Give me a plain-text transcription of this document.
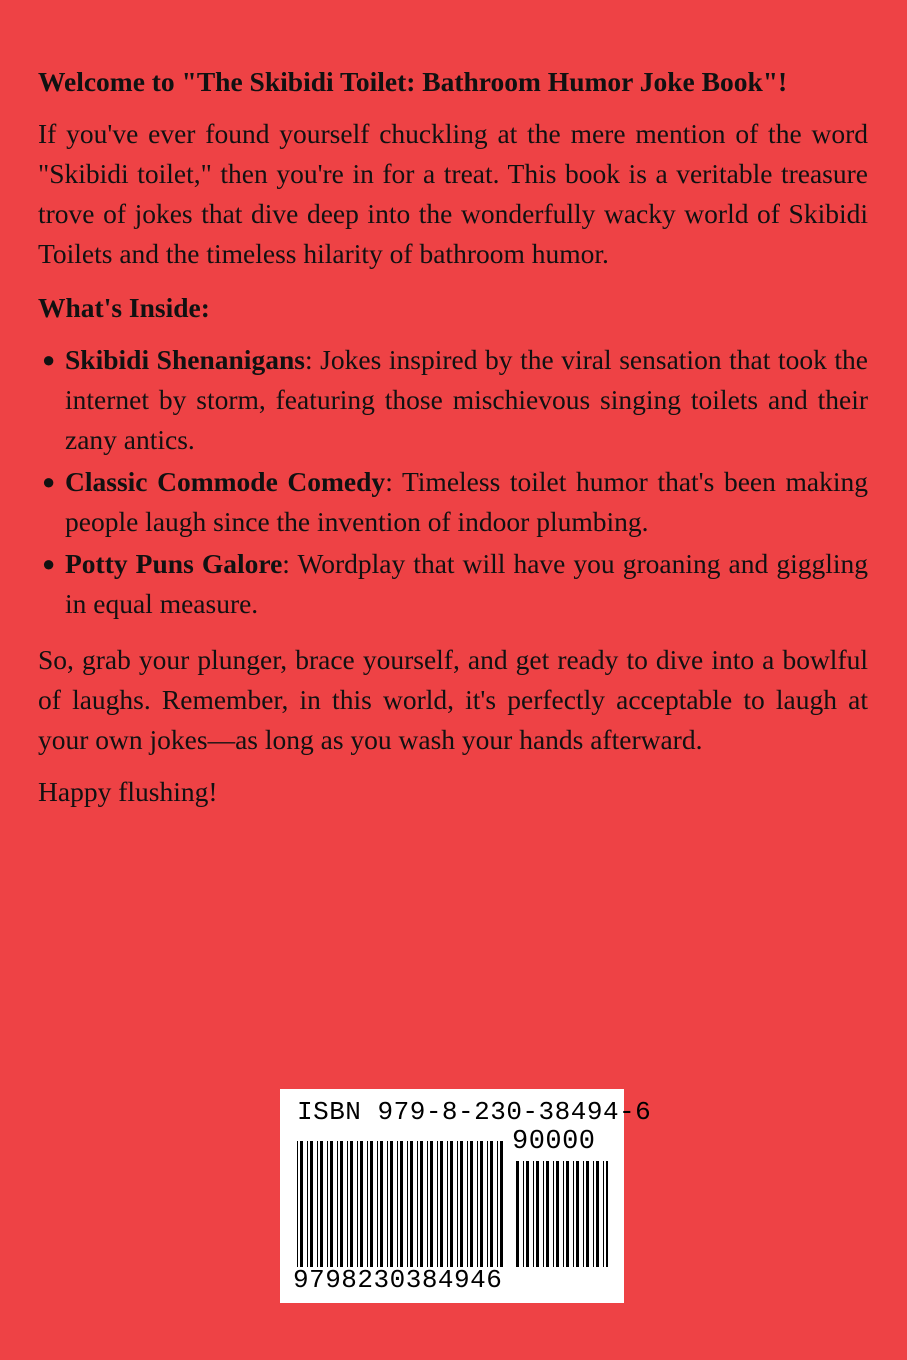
Welcome to "The Skibidi Toilet: Bathroom Humor Joke Book"!

If you've ever found yourself chuckling at the mere mention of the word "Skibidi toilet," then you're in for a treat. This book is a veritable treasure trove of jokes that dive deep into the wonderfully wacky world of Skibidi Toilets and the timeless hilarity of bathroom humor.

What's Inside:

● Skibidi Shenanigans: Jokes inspired by the viral sensation that took the internet by storm, featuring those mischievous singing toilets and their zany antics.
● Classic Commode Comedy: Timeless toilet humor that's been making people laugh since the invention of indoor plumbing.
● Potty Puns Galore: Wordplay that will have you groaning and giggling in equal measure.

So, grab your plunger, brace yourself, and get ready to dive into a bowlful of laughs. Remember, in this world, it's perfectly acceptable to laugh at your own jokes—as long as you wash your hands afterward.

Happy flushing!

ISBN 979-8-230-38494-6
90000
9798230384946
